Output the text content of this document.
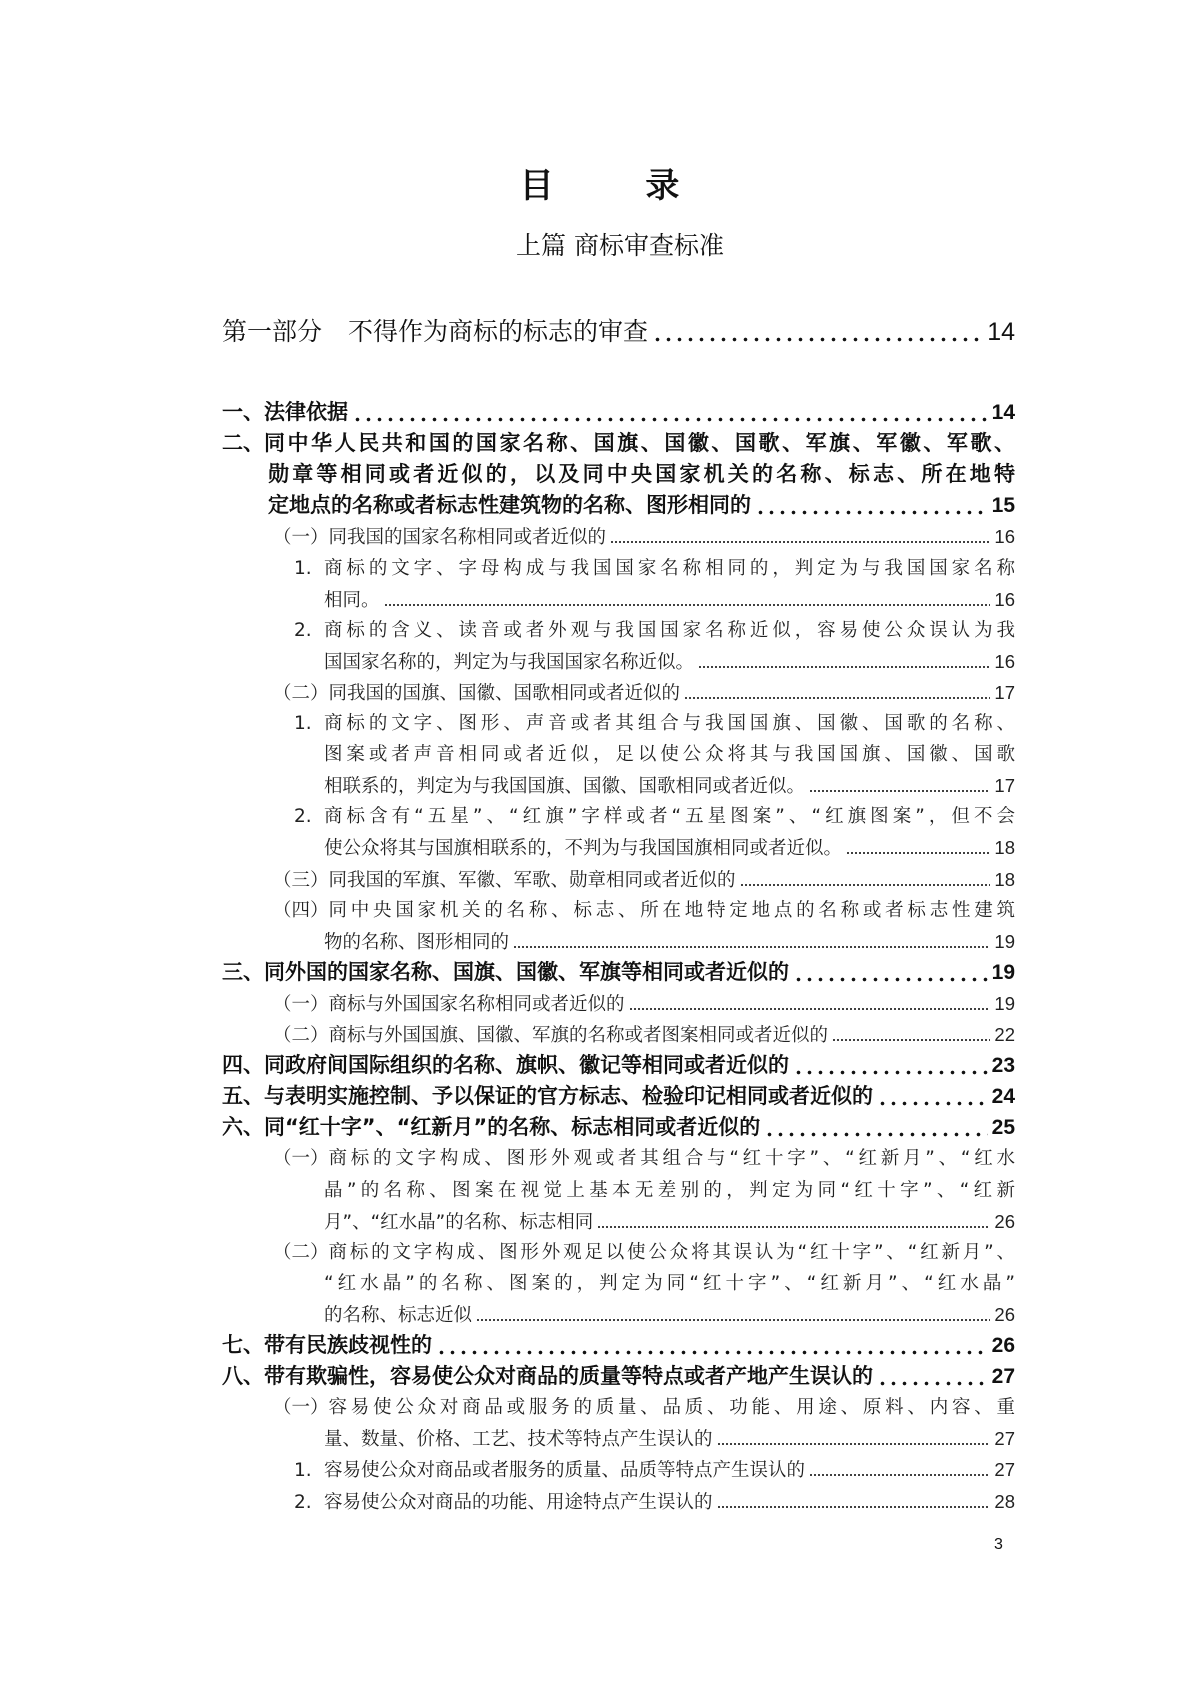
目 录
上篇 商标审查标准
第一部分 不得作为商标的标志的审查	14
一、 法律依据	14
二、 同中华人民共和国的国家名称、国旗、国徽、国歌、军旗、军徽、军歌、
勋章等相同或者近似的，以及同中央国家机关的名称、标志、所在地特
定地点的名称或者标志性建筑物的名称、图形相同的	15
（一） 同我国的国家名称相同或者近似的	16
1. 商标的文字、字母构成与我国国家名称相同的，判定为与我国国家名称
相同。	16
2. 商标的含义、读音或者外观与我国国家名称近似，容易使公众误认为我
国国家名称的，判定为与我国国家名称近似。	16
（二） 同我国的国旗、国徽、国歌相同或者近似的	17
1. 商标的文字、图形、声音或者其组合与我国国旗、国徽、国歌的名称、
图案或者声音相同或者近似，足以使公众将其与我国国旗、国徽、国歌
相联系的，判定为与我国国旗、国徽、国歌相同或者近似。	17
2. 商标含有“五星”、“红旗”字样或者“五星图案”、“红旗图案”，但不会
使公众将其与国旗相联系的，不判为与我国国旗相同或者近似。	18
（三） 同我国的军旗、军徽、军歌、勋章相同或者近似的	18
（四） 同中央国家机关的名称、标志、所在地特定地点的名称或者标志性建筑
物的名称、图形相同的	19
三、 同外国的国家名称、国旗、国徽、军旗等相同或者近似的	19
（一） 商标与外国国家名称相同或者近似的	19
（二） 商标与外国国旗、国徽、军旗的名称或者图案相同或者近似的	22
四、 同政府间国际组织的名称、旗帜、徽记等相同或者近似的	23
五、 与表明实施控制、予以保证的官方标志、检验印记相同或者近似的	24
六、 同“红十字”、“红新月”的名称、标志相同或者近似的	25
（一） 商标的文字构成、图形外观或者其组合与“红十字”、“红新月”、“红水
晶”的名称、图案在视觉上基本无差别的，判定为同“红十字”、“红新
月”、“红水晶”的名称、标志相同	26
（二） 商标的文字构成、图形外观足以使公众将其误认为“红十字”、“红新月”、
“红水晶”的名称、图案的，判定为同“红十字”、“红新月”、“红水晶”
的名称、标志近似	26
七、 带有民族歧视性的	26
八、 带有欺骗性，容易使公众对商品的质量等特点或者产地产生误认的	27
（一） 容易使公众对商品或服务的质量、品质、功能、用途、原料、内容、重
量、数量、价格、工艺、技术等特点产生误认的	27
1. 容易使公众对商品或者服务的质量、品质等特点产生误认的	27
2. 容易使公众对商品的功能、用途特点产生误认的	28
3
